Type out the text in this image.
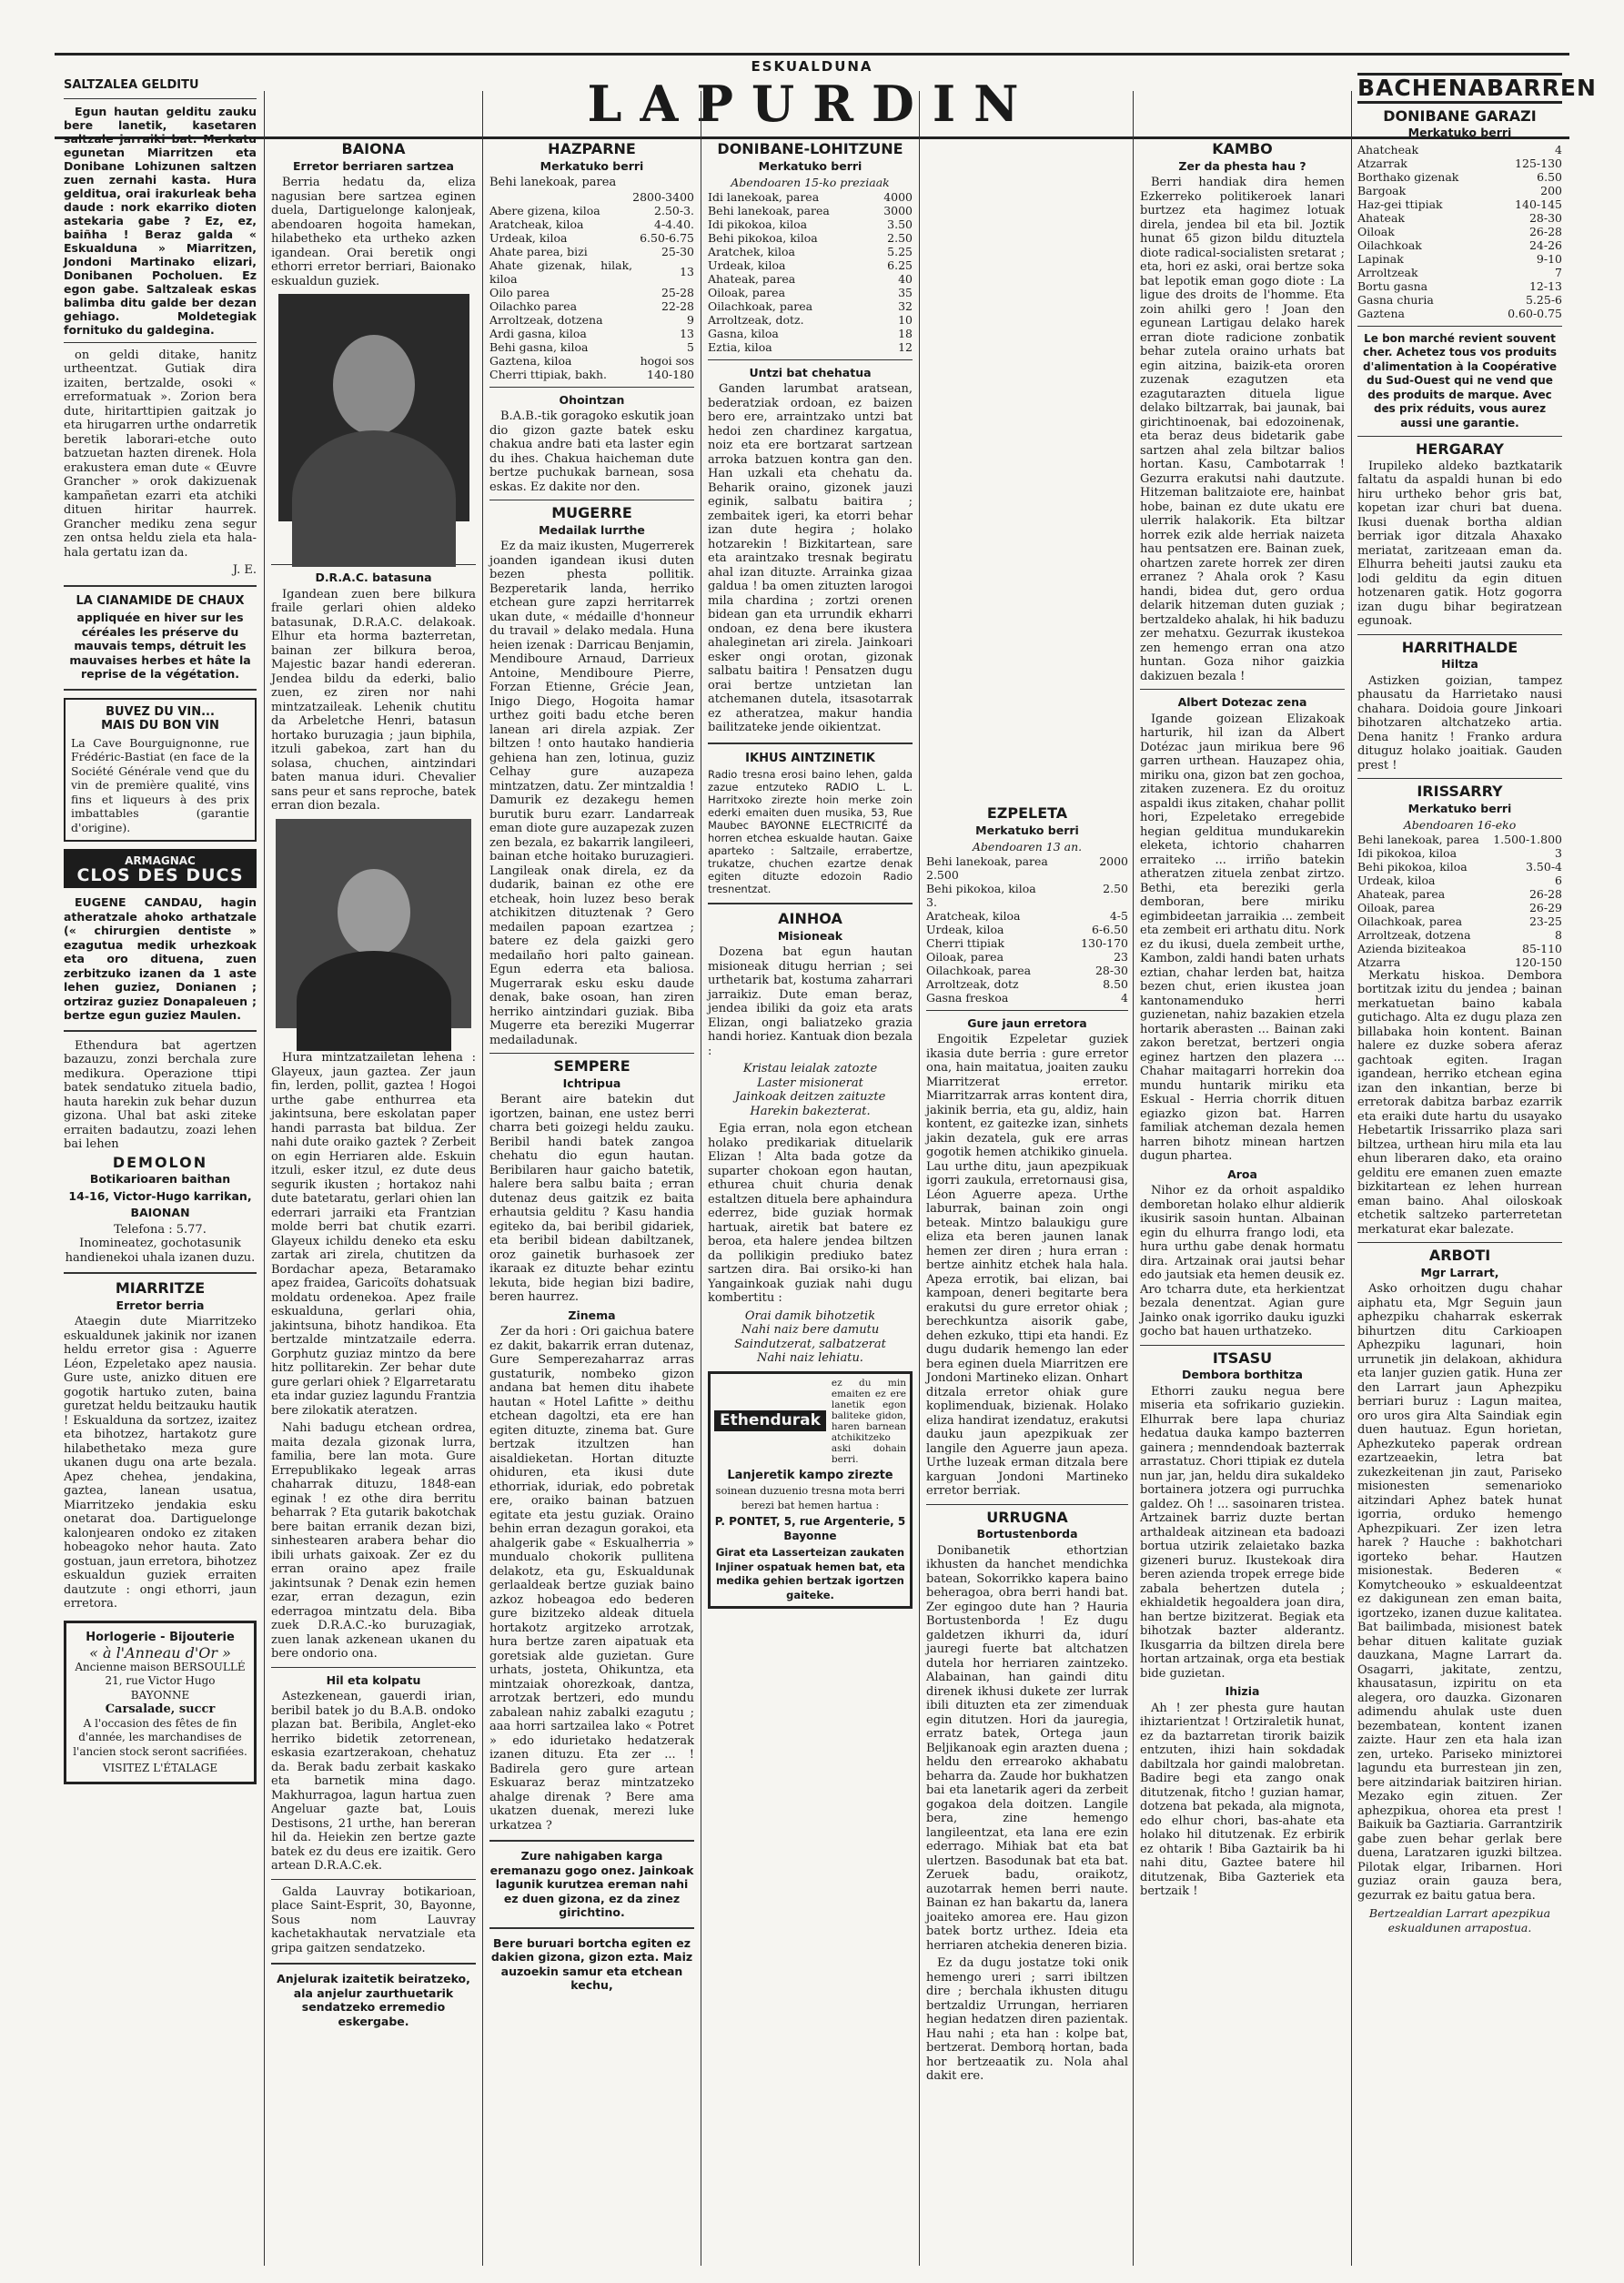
ESKUALDUNA
LAPURDIN
SALTZALEA GELDITU

Egun hautan gelditu zauku bere lanetik, kasetaren saltzale jarraiki bat. Merkatu egunetan Miarritzen eta Donibane Lohizunen saltzen zuen zernahi kasta. Hura gelditua, orai irakurleak beha daude : nork ekarriko dioten astekaria gabe ? Ez, ez, baiñha ! Beraz galda « Eskualduna » Miarritzen, Jondoni Martinako elizari, Donibanen Pocholuen. Ez egon gabe. Saltzaleak eskas balimba ditu galde ber dezan gehiago. Moldetegiak fornituko du galdegina.

on geldi ditake, hanitz urtheentzat. Gutiak dira izaiten, bertzalde, osoki « erreformatuak ». Zorion bera dute, hiritarttipien gaitzak jo eta hirugarren urthe ondarretik beretik laborari-etche outo batzuetan hazten direnek. Hola erakustera eman dute « Œuvre Grancher » orok dakizuenak kampañetan ezarri eta atchiki dituen hiritar haurrek. Grancher mediku zena segur zen ontsa heldu ziela eta hala-hala gertatu izan da.

J. E.
LA CIANAMIDE DE CHAUX
appliquée en hiver sur les céréales les préserve du mauvais temps, détruit les mauvaises herbes et hâte la reprise de la végétation.
BUVEZ DU VIN...
MAIS DU BON VIN
La Cave Bourguignonne, rue Frédéric-Bastiat (en face de la Société Générale vend que du vin de première qualité, vins fins et liqueurs à des prix imbattables (garantie d'origine).
ARMAGNAC
CLOS DES DUCS

EUGENE CANDAU, hagin atheratzale ahoko arthatzale (« chirurgien dentiste » ezagutua medik urhezkoak eta oro dituena, zuen zerbitzuko izanen da 1 aste lehen guziez, Donianen ; ortziraz guziez Donapaleuen ; bertze egun guziez Maulen.

Ethendura bat agertzen bazauzu, zonzi berchala zure medikura. Operazione ttipi batek sendatuko zituela badio, hauta harekin zuk behar duzun gizona. Uhal bat aski ziteke erraiten badautzu, zoazi lehen bai lehen

DEMOLON
Botikarioaren baithan
14-16, Victor-Hugo karrikan,
BAIONAN
Telefona : 5.77.
Inomineatez, gochotasunik handienekoi uhala izanen duzu.
MIARRITZE
Erretor berria

Ataegin dute Miarritzeko eskualdunek jakinik nor izanen heldu erretor gisa : Aguerre Léon, Ezpeletako apez nausia. Gure uste, anizko dituen ere gogotik hartuko zuten, baina guretzat heldu beitzauku hautik ! Eskualduna da sortzez, izaitez eta bihotzez, hartakotz gure hilabethetako meza gure ukanen dugu ona arte bezala. Apez chehea, jendakina, gaztea, lanean usatua, Miarritzeko jendakia esku onetarat doa. Dartiguelonge kalonjearen ondoko ez zitaken hobeagoko nehor hauta. Zato gostuan, jaun erretora, bihotzez eskualdun guziek erraiten dautzute : ongi ethorri, jaun erretora.

Horlogerie - Bijouterie
« à l'Anneau d'Or »
Ancienne maison BERSOULLÉ
21, rue Victor Hugo
BAYONNE
Carsalade, succr
A l'occasion des fêtes de fin d'année, les marchandises de l'ancien stock seront sacrifiées.
VISITEZ L'ÉTALAGE
BAIONA
Erretor berriaren sartzea

Berria hedatu da, eliza nagusian bere sartzea eginen duela, Dartiguelonge kalonjeak, abendoaren hogoita hamekan, hilabetheko eta urtheko azken igandean. Orai beretik ongi ethorri erretor berriari, Baionako eskualdun guziek.

D.R.A.C. batasuna

Igandean zuen bere bilkura fraile gerlari ohien aldeko batasunak, D.R.A.C. delakoak. Elhur eta horma bazterretan, bainan zer bilkura beroa, Majestic bazar handi edereran. Jendea bildu da ederki, balio zuen, ez ziren nor nahi mintzatzaileak. Lehenik chutitu da Arbeletche Henri, batasun hortako buruzagia ; jaun biphila, itzuli gabekoa, zart han du solasa, chuchen, aintzindari baten manua iduri. Chevalier sans peur et sans reproche, batek erran dion bezala.

Hura mintzatzailetan lehena : Glayeux, jaun gaztea. Zer jaun fin, lerden, pollit, gaztea ! Hogoi urthe gabe enthurrea eta jakintsuna, bere eskolatan paper handi parrasta bat bildua. Zer nahi dute oraiko gaztek ? Zerbeit on egin Herriaren alde. Eskuin itzuli, esker itzul, ez dute deus segurik ikusten ; hortakoz nahi dute batetaratu, gerlari ohien lan ederrari jarraiki eta Frantzian molde berri bat chutik ezarri. Glayeux ichildu deneko eta esku zartak ari zirela, chutitzen da Bordachar apeza, Betaramako apez fraidea, Garicoïts dohatsuak moldatu ordenekoa. Apez fraile eskualduna, gerlari ohia, jakintsuna, bihotz handikoa. Eta bertzalde mintzatzaile ederra. Gorphutz guziaz mintzo da bere hitz pollitarekin. Zer behar dute gure gerlari ohiek ? Elgarretaratu eta indar guziez lagundu Frantzia bere zilokatik ateratzen.

Nahi badugu etchean ordrea, maita dezala gizonak lurra, familia, bere lan mota. Gure Errepublikako legeak arras chaharrak dituzu, 1848-ean eginak ! ez othe dira berritu beharrak ? Eta gutarik bakotchak bere baitan erranik dezan bizi, sinhestearen arabera behar dio ibili urhats gaixoak. Zer ez du erran oraino apez fraile jakintsunak ? Denak ezin hemen ezar, erran dezagun, ezin ederragoa mintzatu dela. Biba zuek D.R.A.C.-ko buruzagiak, zuen lanak azkenean ukanen du bere ondorio ona.

Hil eta kolpatu

Astezkenean, gauerdi irian, beribil batek jo du B.A.B. ondoko plazan bat. Beribila, Anglet-eko herriko bidetik zetorrenean, eskasia ezartzerakoan, chehatuz da. Berak badu zerbait kaskako eta barnetik mina dago. Makhurragoa, lagun hartua zuen Angeluar gazte bat, Louis Destisons, 21 urthe, han bereran hil da. Heiekin zen bertze gazte batek ez du deus ere izaitik. Gero artean D.R.A.C.ek.

Galda Lauvray botikarioan, place Saint-Esprit, 30, Bayonne, Sous nom Lauvray kachetakhautak nervatziale eta gripa gaitzen sendatzeko.

Anjelurak izaitetik beiratzeko, ala anjelur zaurthuetarik sendatzeko erremedio eskergabe.
HAZPARNE
Merkatuko berri
Behi lanekoak, parea
	2800-3400
Abere gizena, kiloa	2.50-3.
Aratcheak, kiloa	4-4.40.
Urdeak, kiloa	6.50-6.75
Ahate parea, bizi	25-30
Ahate gizenak, hilak, kiloa	13
Oilo parea	25-28
Oilachko parea	22-28
Arroltzeak, dotzena	9
Ardi gasna, kiloa	13
Behi gasna, kiloa	5
Gaztena, kiloa	hogoi sos
Cherri ttipiak, bakh.	140-180
Ohointzan

B.A.B.-tik goragoko eskutik joan dio gizon gazte batek esku chakua andre bati eta laster egin du ihes. Chakua haicheman dute bertze puchukak barnean, sosa eskas. Ez dakite nor den.

MUGERRE
Medailak lurrthe

Ez da maiz ikusten, Mugerrerek joanden igandean ikusi duten bezen phesta pollitik. Bezperetarik landa, herriko etchean gure zapzi herritarrek ukan dute, « médaille d'honneur du travail » delako medala. Huna heien izenak : Darricau Benjamin, Mendiboure Arnaud, Darrieux Antoine, Mendiboure Pierre, Forzan Etienne, Grécie Jean, Inigo Diego, Hogoita hamar urthez goiti badu etche beren lanean ari direla azpiak. Zer biltzen ! onto hautako handieria gehiena han zen, lotinua, guziz Celhay gure auzapeza mintzatzen, datu. Zer mintzaldia ! Damurik ez dezakegu hemen burutik buru ezarr. Landarreak eman diote gure auzapezak zuzen zen bezala, ez bakarrik langileeri, bainan etche hoitako buruzagieri. Langileak onak direla, ez da dudarik, bainan ez othe ere etcheak, hoin luzez beso berak atchikitzen dituztenak ? Gero medailen papoan ezartzea ; batere ez dela gaizki gero medailaño hori palto gainean. Egun ederra eta baliosa. Mugerrarak esku esku daude denak, bake osoan, han ziren herriko aintzindari guziak. Biba Mugerre eta bereziki Mugerrar medailadunak.

SEMPERE
Ichtripua

Berant aire batekin dut igortzen, bainan, ene ustez berri charra beti goizegi heldu zauku. Beribil handi batek zangoa chehatu dio egun hautan. Beribilaren haur gaicho batetik, halere bera salbu baita ; erran dutenaz deus gaitzik ez baita erhautsia gelditu ? Kasu handia egiteko da, bai beribil gidariek, eta beribil bidean dabiltzanek, oroz gainetik burhasoek zer ikaraak ez dituzte behar ezintu lekuta, bide hegian bizi badire, beren haurrez.

Zinema

Zer da hori : Ori gaichua batere ez dakit, bakarrik erran dutenaz, Gure Semperezaharraz arras gustaturik, nombeko gizon andana bat hemen ditu ihabete hautan « Hotel Lafitte » deithu etchean dagoltzi, eta ere han egiten dituzte, zinema bat. Gure bertzak itzultzen han aisaldieketan. Hortan dituzte ohiduren, eta ikusi dute ethorriak, iduriak, edo pobretak ere, oraiko bainan batzuen egitate eta jestu guziak. Oraino behin erran dezagun gorakoi, eta ahalgerik gabe « Eskualherria » mundualo chokorik pullitena delakotz, eta gu, Eskualdunak gerlaaldeak bertze guziak baino azkoz hobeagoa edo bederen gure bizitzeko aldeak dituela hortakotz argitzeko arrotzak, hura bertze zaren aipatuak eta goretsiak alde guzietan. Gure urhats, josteta, Ohikuntza, eta mintzaiak ohorezkoak, dantza, arrotzak bertzeri, edo mundu zabalean nahiz zabalki ezagutu ; aaa horri sartzailea lako « Potret » edo idurietako hedatzerak izanen dituzu. Eta zer ... ! Badirela gero gure artean Eskuaraz beraz mintzatzeko ahalge direnak ? Bere ama ukatzen duenak, merezi luke urkatzea ?

Zure nahigaben karga eremanazu gogo onez. Jainkoak lagunik kurutzea ereman nahi ez duen gizona, ez da zinez girichtino.
Bere buruari bortcha egiten ez dakien gizona, gizon ezta. Maiz auzoekin samur eta etchean kechu,
DONIBANE-LOHITZUNE
Merkatuko berri
Abendoaren 15-ko preziaak
Idi lanekoak, parea	4000
Behi lanekoak, parea	3000
Idi pikokoa, kiloa	3.50
Behi pikokoa, kiloa	2.50
Aratchek, kiloa	5.25
Urdeak, kiloa	6.25
Ahateak, parea	40
Oiloak, parea	35
Oilachkoak, parea	32
Arroltzeak, dotz.	10
Gasna, kiloa	18
Eztia, kiloa	12
Untzi bat chehatua

Ganden larumbat aratsean, bederatziak ordoan, ez baizen bero ere, arraintzako untzi bat hedoi zen chardinez kargatua, noiz eta ere bortzarat sartzean arroka batzuen kontra gan den. Han uzkali eta chehatu da. Beharik oraino, gizonek jauzi eginik, salbatu baitira ; zembaitek igeri, ka etorri behar izan dute hegira ; holako hotzarekin ! Bizkitartean, sare eta araintzako tresnak begiratu ahal izan dituzte. Arrainka gizaa galdua ! ba omen zituzten larogoi mila chardina ; zortzi orenen bidean gan eta urrundik ekharri ondoan, ez dena bere ikustera ahaleginetan ari zirela. Jainkoari esker ongi orotan, gizonak salbatu baitira ! Pensatzen dugu orai bertze untzietan lan atchemanen dutela, itsasotarrak ez atheratzea, makur handia bailitzateke jende oikientzat.

IKHUS AINTZINETIK
Radio tresna erosi baino lehen, galda zazue entzuteko RADIO L. L. Harritxoko zirezte hoin merke zoin ederki emaiten duen musika, 53, Rue Maubec BAYONNE ELECTRICITÉ da horren etchea eskualde hautan. Gaixe aparteko : Saltzaile, errabertze, trukatze, chuchen ezartze denak egiten dituzte edozoin Radio tresnentzat.
AINHOA
Misioneak

Dozena bat egun hautan misioneak ditugu herrian ; sei urthetarik bat, kostuma zaharrari jarraikiz. Dute eman beraz, jendea ibiliki da goiz eta arats Elizan, ongi baliatzeko grazia handi horiez. Kantuak dion bezala :

Kristau leialak zatozte
Laster misionerat
Jainkoak deitzen zaituzte
Harekin bakezterat.

Egia erran, nola egon etchean holako predikariak dituelarik Elizan ! Alta bada gotze da suparter chokoan egon hautan, ethurea chuit churia denak estaltzen dituela bere aphaindura ederrez, bide guziak hormak hartuak, airetik bat batere ez beroa, eta halere jendea biltzen da pollikigin prediuko batez sartzen dira. Bai orsiko-ki han Yangainkoak guziak nahi dugu kombertitu :

Orai damik bihotzetik
Nahi naiz bere damutu
Saindutzerat, salbatzerat
Nahi naiz lehiatu.
Ethendurak
ez du min emaiten ez ere lanetik egon baliteke gidon, haren barnean atchikitzeko aski dohain berri.
Lanjeretik kampo zirezte
soinean duzuenio tresna mota berri berezi bat hemen hartua :
P. PONTET, 5, rue Argenterie, 5
Bayonne
Girat eta Lasserteizan zaukaten Injiner ospatuak hemen bat, eta medika gehien bertzak igortzen gaiteke.
EZPELETA
Merkatuko berri
Abendoaren 13 an.
Behi lanekoak, parea	2000
2.500	
Behi pikokoa, kiloa	2.50
3.	
Aratcheak, kiloa	4-5
Urdeak, kiloa	6-6.50
Cherri ttipiak	130-170
Oiloak, parea	23
Oilachkoak, parea	28-30
Arroltzeak, dotz	8.50
Gasna freskoa	4
Gure jaun erretora

Engoitik Ezpeletar guziek ikasia dute berria : gure erretor ona, hain maitatua, joaiten zauku Miarritzerat erretor. Miarritzarrak arras kontent dira, jakinik berria, eta gu, aldiz, hain kontent, ez gaitezke izan, sinhets jakin dezatela, guk ere arras gogotik hemen atchikiko ginuela. Lau urthe ditu, jaun apezpikuak igorri zaukula, erretornausi gisa, Léon Aguerre apeza. Urthe laburrak, bainan zoin ongi beteak. Mintzo balaukigu gure eliza eta beren jaunen lanak hemen zer diren ; hura erran : bertze ainhitz etchek hala hala. Apeza errotik, bai elizan, bai kampoan, deneri begitarte bera erakutsi du gure erretor ohiak ; berechkuntza aisorik gabe, dehen ezkuko, ttipi eta handi. Ez dugu dudarik hemengo lan eder bera eginen duela Miarritzen ere Jondoni Martineko elizan. Onhart ditzala erretor ohiak gure koplimenduak, bizienak. Holako eliza handirat izendatuz, erakutsi dauku jaun apezpikuak zer langile den Aguerre jaun apeza. Urthe luzeak erman ditzala bere karguan Jondoni Martineko erretor berriak.

URRUGNA
Bortustenborda

Donibanetik ethortzian ikhusten da hanchet mendichka batean, Sokorrikko kapera baino beheragoa, obra berri handi bat. Zer egingoo dute han ? Hauria Bortustenborda ! Ez dugu galdetzen ikhurri da, idurí jauregi fuerte bat altchatzen dutela hor herriaren zaintzeko. Alabainan, han gaindi ditu direnek ikhusi dukete zer lurrak ibili dituzten eta zer zimenduak egin ditutzen. Hori da jauregia, erratz batek, Ortega jaun Beljikanoak egin arazten duena ; heldu den errearoko akhabatu beharra da. Zaude hor bukhatzen bai eta lanetarik ageri da zerbeit gogakoa dela doitzen. Langile bera, zine hemengo langileentzat, eta lana ere ezin ederrago. Mihiak bat eta bat ulertzen. Basodunak bat eta bat. Zeruek badu, oraikotz, auzotarrak hemen berri naute. Bainan ez han bakartu da, lanera joaiteko amorea ere. Hau gizon batek bortz urthez. Ideia eta herriaren atchekia deneren bizia.

Ez da dugu jostatze toki onik hemengo ureri ; sarri ibiltzen dire ; berchala ikhusten ditugu bertzaldiz Urrungan, herriaren hegian hedatzen diren pazientak. Hau nahi ; eta han : kolpe bat, bertzerat. Demborą hortan, bada hor bertzeaatik zu. Nola ahal dakit ere.

KAMBO
Zer da phesta hau ?

Berri handiak dira hemen Ezkerreko politikeroek lanari burtzez eta hagimez lotuak direla, jendea bil eta bil. Joztik hunat 65 gizon bildu dituztela diote radical-socialisten sretarat ; eta, hori ez aski, orai bertze soka bat lepotik eman gogo diote : La ligue des droits de l'homme. Eta zoin ahilki gero ! Joan den egunean Lartigau delako harek erran diote radicione zonbatik behar zutela oraino urhats bat egin aitzina, baizik-eta ororen zuzenak ezagutzen eta ezagutarazten dituela ligue delako biltzarrak, bai jaunak, bai girichtinoenak, bai edozoinenak, eta beraz deus bidetarik gabe sartzen ahal zela biltzar balios hortan. Kasu, Cambotarrak ! Gezurra erakutsi nahi dautzute. Hitzeman balitzaiote ere, hainbat hobe, bainan ez dute ukatu ere ulerrik halakorik. Eta biltzar horrek ezik alde herriak naizeta hau pentsatzen ere. Bainan zuek, ohartzen zarete horrek zer diren erranez ? Ahala orok ? Kasu handi, bidea dut, gero ordua delarik hitzeman duten guziak ; bertzaldeko ahalak, hi hik baduzu zer mehatxu. Gezurrak ikustekoa zen hemengo erran ona atzo huntan. Goza nihor gaizkia dakizuen bezala !

Albert Dotezac zena

Igande goizean Elizakoak harturik, hil izan da Albert Dotézac jaun mirikua bere 96 garren urthean. Hauzapez ohia, miriku ona, gizon bat zen gochoa, zitaken zuzenera. Ez du oroituz aspaldi ikus zitaken, chahar pollit hori, Ezpeletako erregebide hegian gelditua mundukarekin eleketa, ichtorio chaharren erraiteko ... irriño batekin atheratzen zituela zenbat zirtzo. Bethi, eta bereziki gerla demboran, bere miriku egimbideetan jarraikia ... zembeit eta zembeit eri arthatu ditu. Nork ez du ikusi, duela zembeit urthe, Kambon, zaldi handi baten urhats eztian, chahar lerden bat, haitza bezen chut, erien ikustea joan kantonamenduko herri guzienetan, nahiz bazakien etzela hortarik aberasten ... Bainan zaki zakon beretzat, bertzeri ongia eginez hartzen den plazera ... Chahar maitagarri horrekin doa mundu huntarik miriku eta Eskual - Herria chorrik dituen egiazko gizon bat. Harren familiak atcheman dezala hemen harren bihotz minean hartzen dugun phartea.

Aroa

Nihor ez da orhoit aspaldiko demboretan holako elhur aldierik ikusirik sasoin huntan. Albainan egin du elhurra frango lodi, eta hura urthu gabe denak hormatu dira. Artzainak orai jautsi behar edo jautsiak eta hemen deusik ez. Aro tcharra dute, eta herkientzat bezala denentzat. Agian gure Jainko onak igorriko dauku iguzki gocho bat hauen urthatzeko.

ITSASU
Dembora borthitza

Ethorri zauku negua bere miseria eta sofrikario guziekin. Elhurrak bere lapa churiaz hedatua dauka kampo bazterren gainera ; menndendoak bazterrak arrastatuz. Chori ttipiak ez dutela nun jar, jan, heldu dira sukaldeko bortainera jotzera ogi purruchka galdez. Oh ! ... sasoinaren tristea. Artzainek barriz duzte bertan arthaldeak aitzinean eta badoazi bortua utzirik zelaietako bazka gizeneri buruz. Ikustekoak dira beren azienda tropek errege bide zabala behertzen dutela ; ekhialdetik hegoaldera joan dira, han bertze bizitzerat. Begiak eta bihotzak bazter alderantz. Ikusgarria da biltzen direla bere hortan artzainak, orga eta bestiak bide guzietan.

Ihizia

Ah ! zer phesta gure hautan ihiztarientzat ! Ortziraletik hunat, ez da baztarretan tirorik baizik entzuten, ihizi hain sokdadak dabiltzala hor gaindi malobretan. Badire begi eta zango onak ditutzenak, fitcho ! guzian hamar, dotzena bat pekada, ala mignota, edo elhur chori, bas-ahate eta holako hil ditutzenak. Ez erbirik ez ohtarik ! Biba Gaztairik ba hi nahi ditu, Gaztee batere hil ditutzenak, Biba Gazteriek eta bertzaik !

BACHENABARREN
DONIBANE GARAZI
Merkatuko berri
Ahatcheak	4
Atzarrak	125-130
Borthako gizenak	6.50
Bargoak	200
Haz-gei ttipiak	140-145
Ahateak	28-30
Oiloak	26-28
Oilachkoak	24-26
Lapinak	9-10
Arroltzeak	7
Bortu gasna	12-13
Gasna churia	5.25-6
Gaztena	0.60-0.75
Le bon marché revient souvent cher. Achetez tous vos produits d'alimentation à la Coopérative du Sud-Ouest qui ne vend que des produits de marque. Avec des prix réduits, vous aurez aussi une garantie.
HERGARAY

Irupileko aldeko baztkatarik faltatu da aspaldi hunan bi edo hiru urtheko behor gris bat, kopetan izar churi bat duena. Ikusi duenak bortha aldian berriak igor ditzala Ahaxako meriatat, zaritzeaan eman da. Elhurra beheiti jautsi zauku eta lodi gelditu da egin dituen hotzenaren gatik. Hotz gogorra izan dugu bihar begiratzean egunoak.

HARRITHALDE
Hiltza

Astizken goizian, tampez phausatu da Harrietako nausi chahara. Doidoia goure Jinkoari bihotzaren altchatzeko artia. Dena hanitz ! Franko ardura dituguz holako joaitiak. Gauden prest !

IRISSARRY
Merkatuko berri
Abendoaren 16-eko
Behi lanekoak, parea	1.500-1.800
Idi pikokoa, kiloa	3
Behi pikokoa, kiloa	3.50-4
Urdeak, kiloa	6
Ahateak, parea	26-28
Oiloak, parea	26-29
Oilachkoak, parea	23-25
Arroltzeak, dotzena	8
Azienda biziteakoa	85-110
Atzarra	120-150

Merkatu hiskoa. Dembora bortitzak izitu du jendea ; bainan merkatuetan baino kabala gutichago. Alta ez dugu plaza zen billabaka hoin kontent. Bainan halere ez duzke sobera aferaz gachtoak egiten. Iragan igandean, herriko etchean egina izan den inkantian, berze bi erretorak dabitza barbaz ezarrik eta eraiki dute hartu du usayako Hebetartik Irissarriko plaza sari biltzea, urthean hiru mila eta lau ehun liberaren dako, eta oraino gelditu ere emanen zuen emazte bizkitartean ez lehen hurrean eman baino. Ahal oiloskoak etchetik saltzeko parterretetan merkaturat ekar balezate.

ARBOTI
Mgr Larrart,

Asko orhoitzen dugu chahar aiphatu eta, Mgr Seguin jaun aphezpiku chaharrak eskerrak bihurtzen ditu Carkioapen Aphezpiku lagunari, hoin urrunetik jin delakoan, akhidura eta lanjer guzien gatik. Huna zer den Larrart jaun Aphezpiku berriari buruz : Lagun maitea, oro uros gira Alta Saindiak egin duen hautuaz. Egun horietan, Aphezkuteko paperak ordrean ezartzeaekin, letra bat zukezkeitenan jin zaut, Pariseko misionesten semenarioko aitzindari Aphez batek hunat igorria, orduko hemengo Aphezpikuari. Zer izen letra harek ? Hauche : bakhotchari igorteko behar. Hautzen misionestak. Bederen « Komytcheouko » eskualdeentzat ez dakigunean zen eman baita, igortzeko, izanen duzue kalitatea. Bat bailimbada, misionest batek behar dituen kalitate guziak dauzkana, Magne Larrart da. Osagarri, jakitate, zentzu, khausatasun, izpiritu on eta alegera, oro dauzka. Gizonaren adimendu ahulak uste duen bezembatean, kontent izanen zaizte. Haur zen eta hala izan zen, urteko. Pariseko miniztorei lagundu eta burrestean jin zen, bere aitzindariak baitziren hirian. Mezako egin zituen. Zer aphezpikua, ohorea eta prest ! Baikuik ba Gaztiaria. Garrantzirik gabe zuen behar gerlak bere duena, Laratzaren iguzki biltzea. Pilotak elgar, Iribarnen. Hori guziaz orain gauza bera, gezurrak ez baitu gatua bera.

Bertzealdian Larrart apezpikua eskualdunen arrapostua.
